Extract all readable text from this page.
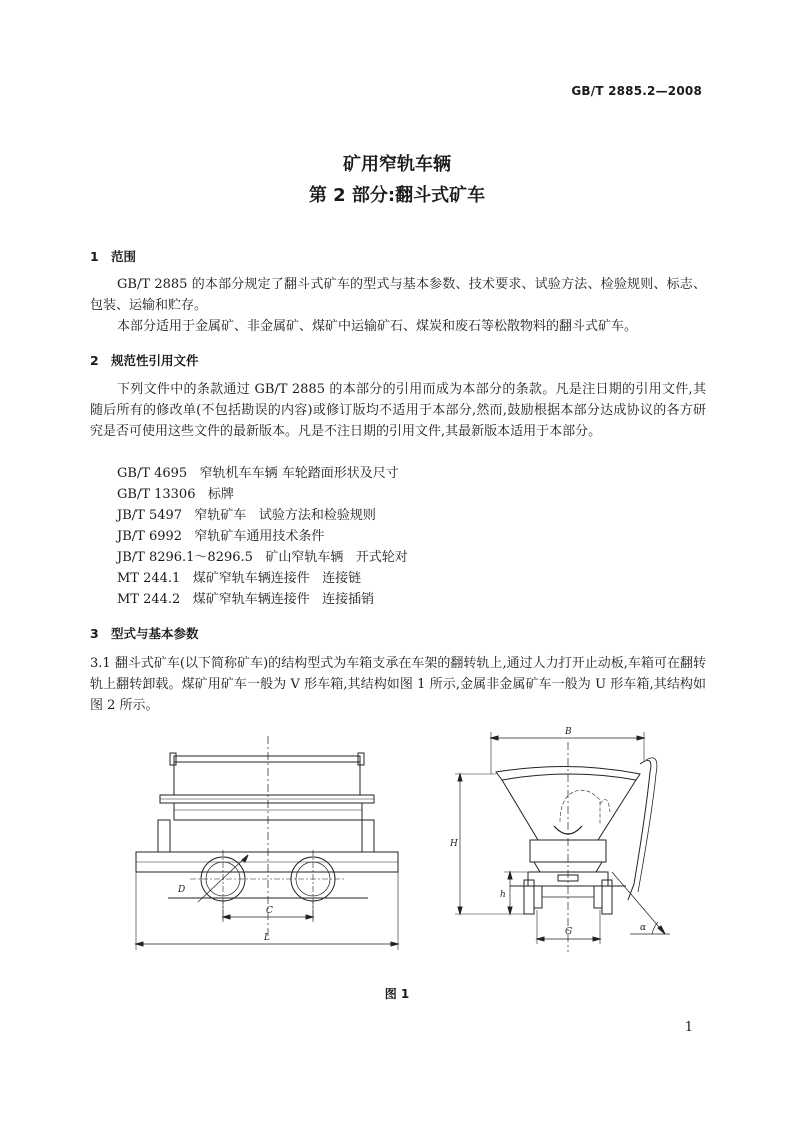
GB/T 2885.2—2008
矿用窄轨车辆
第 2 部分:翻斗式矿车
1 范围

GB/T 2885 的本部分规定了翻斗式矿车的型式与基本参数、技术要求、试验方法、检验规则、标志、包装、运输和贮存。

本部分适用于金属矿、非金属矿、煤矿中运输矿石、煤炭和废石等松散物料的翻斗式矿车。

2 规范性引用文件

下列文件中的条款通过 GB/T 2885 的本部分的引用而成为本部分的条款。凡是注日期的引用文件,其随后所有的修改单(不包括勘误的内容)或修订版均不适用于本部分,然而,鼓励根据本部分达成协议的各方研究是否可使用这些文件的最新版本。凡是不注日期的引用文件,其最新版本适用于本部分。

GB/T 4695   窄轨机车车辆 车轮踏面形状及尺寸
GB/T 13306   标牌
JB/T 5497   窄轨矿车   试验方法和检验规则
JB/T 6992   窄轨矿车通用技术条件
JB/T 8296.1～8296.5   矿山窄轨车辆   开式轮对
MT 244.1   煤矿窄轨车辆连接件   连接链
MT 244.2   煤矿窄轨车辆连接件   连接插销
3 型式与基本参数

3.1 翻斗式矿车(以下简称矿车)的结构型式为车箱支承在车架的翻转轨上,通过人力打开止动板,车箱可在翻转轨上翻转卸载。煤矿用矿车一般为 V 形车箱,其结构如图 1 所示,金属非金属矿车一般为 U 形车箱,其结构如图 2 所示。

D
C
L
B
H
h
G	α
图 1
1
